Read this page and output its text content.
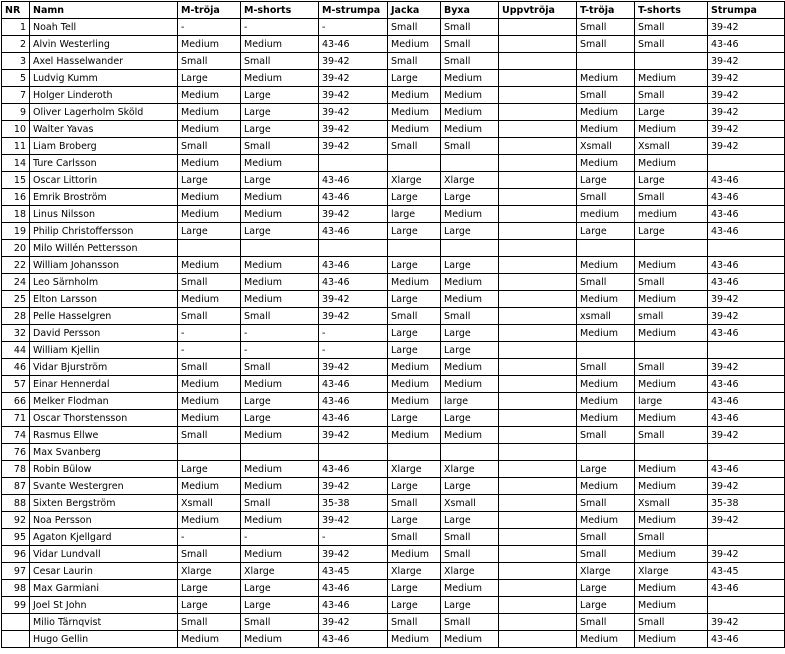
NR	Namn	M-tröja	M-shorts	M-strumpa	Jacka	Byxa	Uppvtröja	T-tröja	T-shorts	Strumpa
1	Noah Tell	-	-	-	Small	Small		Small	Small	39-42
2	Alvin Westerling	Medium	Medium	43-46	Medium	Small		Small	Small	43-46
3	Axel Hasselwander	Small	Small	39-42	Small	Small				39-42
5	Ludvig Kumm	Large	Medium	39-42	Large	Medium		Medium	Medium	39-42
7	Holger Linderoth	Medium	Large	39-42	Medium	Medium		Small	Small	39-42
9	Oliver Lagerholm Sköld	Medium	Large	39-42	Medium	Medium		Medium	Large	39-42
10	Walter Yavas	Medium	Large	39-42	Medium	Medium		Medium	Medium	39-42
11	Liam Broberg	Small	Small	39-42	Small	Small		Xsmall	Xsmall	39-42
14	Ture Carlsson	Medium	Medium					Medium	Medium	
15	Oscar Littorin	Large	Large	43-46	Xlarge	Xlarge		Large	Large	43-46
16	Emrik Broström	Medium	Medium	43-46	Large	Large		Small	Small	43-46
18	Linus Nilsson	Medium	Medium	39-42	large	Medium		medium	medium	43-46
19	Philip Christoffersson	Large	Large	43-46	Large	Large		Large	Large	43-46
20	Milo Willén Pettersson									
22	William Johansson	Medium	Medium	43-46	Large	Large		Medium	Medium	43-46
24	Leo Särnholm	Small	Medium	43-46	Medium	Medium		Small	Small	43-46
25	Elton Larsson	Medium	Medium	39-42	Large	Medium		Medium	Medium	39-42
28	Pelle Hasselgren	Small	Small	39-42	Small	Small		xsmall	small	39-42
32	David Persson	-	-	-	Large	Large		Medium	Medium	43-46
44	William Kjellin	-	-	-	Large	Large				
46	Vidar Bjurström	Small	Small	39-42	Medium	Medium		Small	Small	39-42
57	Einar Hennerdal	Medium	Medium	43-46	Medium	Medium		Medium	Medium	43-46
66	Melker Flodman	Medium	Large	43-46	Medium	large		Medium	large	43-46
71	Oscar Thorstensson	Medium	Large	43-46	Large	Large		Medium	Medium	43-46
74	Rasmus Ellwe	Small	Medium	39-42	Medium	Medium		Small	Small	39-42
76	Max Svanberg									
78	Robin Bülow	Large	Medium	43-46	Xlarge	Xlarge		Large	Medium	43-46
87	Svante Westergren	Medium	Medium	39-42	Large	Large		Medium	Medium	39-42
88	Sixten Bergström	Xsmall	Small	35-38	Small	Xsmall		Small	Xsmall	35-38
92	Noa Persson	Medium	Medium	39-42	Large	Large		Medium	Medium	39-42
95	Agaton Kjellgard	-	-	-	Small	Small		Small	Small	
96	Vidar Lundvall	Small	Medium	39-42	Medium	Small		Small	Medium	39-42
97	Cesar Laurin	Xlarge	Xlarge	43-45	Xlarge	Xlarge		Xlarge	Xlarge	43-45
98	Max Garmiani	Large	Large	43-46	Large	Medium		Large	Medium	43-46
99	Joel St John	Large	Large	43-46	Large	Large		Large	Medium	
	Milio Tärnqvist	Small	Small	39-42	Small	Small		Small	Small	39-42
	Hugo Gellin	Medium	Medium	43-46	Medium	Medium		Medium	Medium	43-46
